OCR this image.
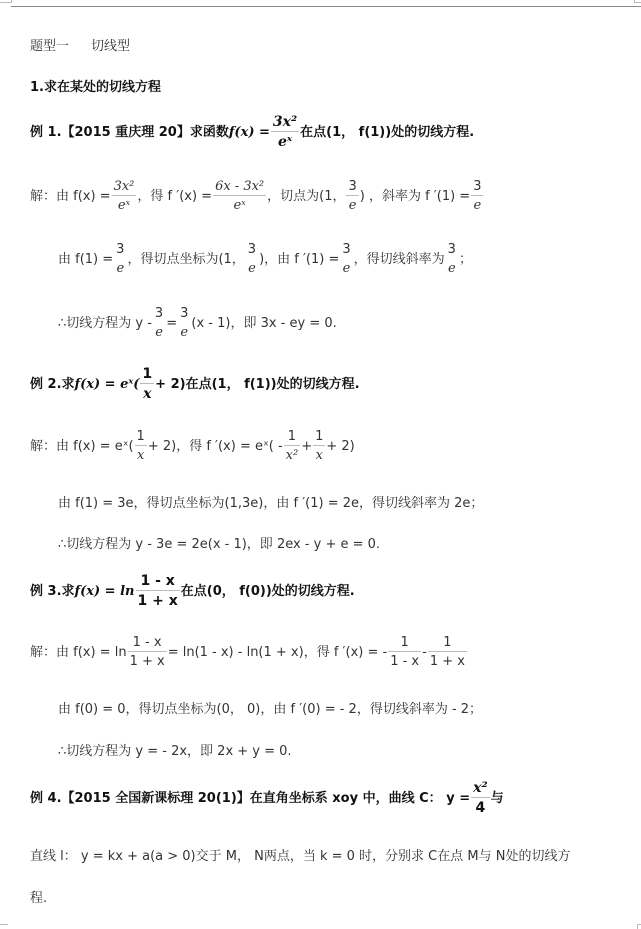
题型一 切线型
1.求在某处的切线方程
例 1.【2015 重庆理 20】求函数 $f(x) = \frac{\text{3x²}}{\text{eˣ}}$ 在点(1， f(1))处的切线方程.
解：由 $f(x) = \frac{\text{3x²}}{\text{eˣ}}$ ，得 f $'(x) = \frac{\text{6x - 3x²}}{\text{eˣ}}$ ，切点为(1， $\frac{3}{e}$ ) ，斜率为 f $'(1) = \frac{3}{e}$
由 f(1) =
3
e
，得切点坐标为(1，
3
e
)，由 f ′(1) =
3
e
，得切线斜率为
3
e
；
∴切线方程为 y -
3
e
=
3
e
(x - 1)，即 3x - ey = 0.
例 2.求 f(x) = eˣ( $\frac{1}{x} + 2$)在点(1， f(1))处的切线方程.
解：由 f(x) = eˣ( $\frac{1}{x} + 2$)，得 f ′(x) = eˣ( - $\frac{1}{\text{x²}} + \frac{1}{x} + 2$)
由 f(1) = 3e，得切点坐标为(1,3e)，由 f ′(1) = 2e，得切线斜率为 2e；
∴切线方程为 y - 3e = 2e(x - 1)，即 2ex - y + e = 0.
例 3.求 $f(x) = \ln \frac{1 - x}{1 + x}$ 在点(0， f(0))处的切线方程.
解：由 $f(x) = \ln \frac{1 - x}{1 + x} = \ln(1 - x) - \ln(1 + x)$，得 f ′(x) = - $\frac{1}{1 - x} - \frac{1}{1 + x}$
由 f(0) = 0，得切点坐标为(0， 0)，由 f ′(0) = - 2，得切线斜率为 - 2；
∴切线方程为 y = - 2x，即 2x + y = 0.
例 4.【2015 全国新课标理 20(1)】在直角坐标系 xoy 中，曲线 C： $y = \frac{\text{x²}}{4}$ 与
直线 l： y = kx + a(a > 0)交于 M， N两点，当 k = 0 时，分别求 C在点 M与 N处的切线方
程.
